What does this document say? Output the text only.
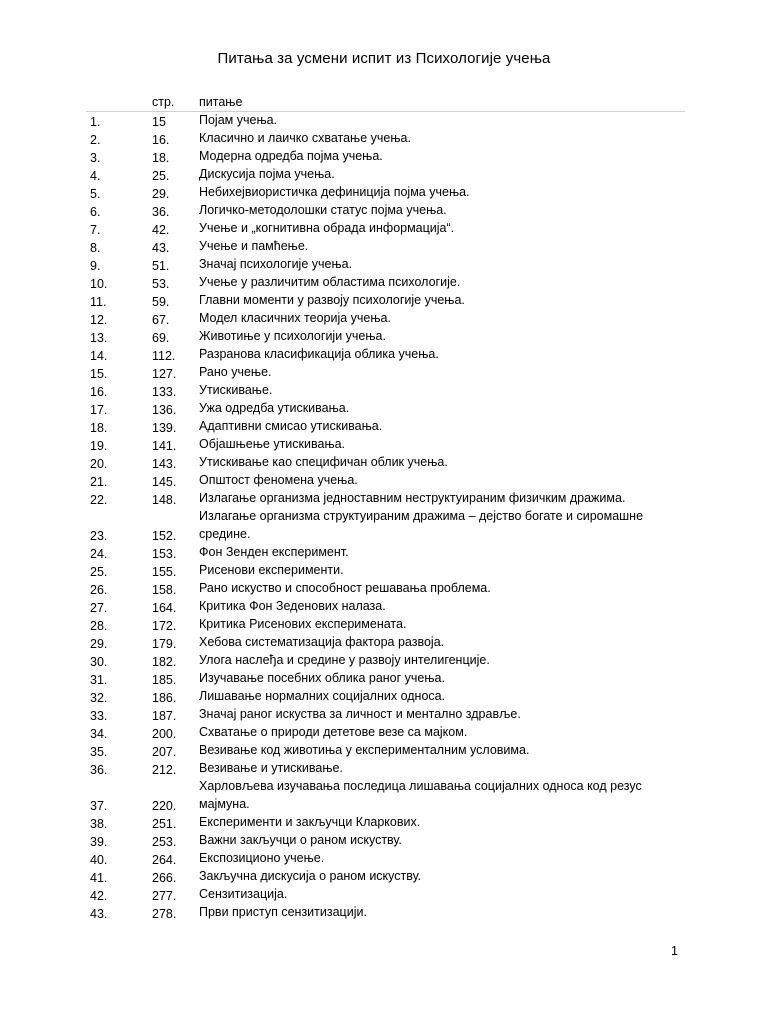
Питања за усмени испит из Психологије учења
стр. питање
1.	15	Појам учења.
2.	16. Класично и лаичко схватање учења.
3.	18. Модерна одредба појма учења.
4.	25. Дискусија појма учења.
5.	29. Небихејвиористичка дефиниција појма учења.
6.	36. Логичко-методолошки статус појма учења.
7.	42. Учење и „когнитивна обрада информација“.
8.	43. Учење и памћење.
9.	51. Значај психологије учења.
10.	53. Учење у различитим областима психологије.
11.	59. Главни моменти у развоју психологије учења.
12.	67. Модел класичних теорија учења.
13.	69. Животиње у психологији учења.
14.	112. Разранова класификација облика учења.
15.	127. Рано учење.
16.	133. Утискивање.
17.	136. Ужа одредба утискивања.
18.	139. Адаптивни смисао утискивања.
19.	141. Објашњење утискивања.
20.	143. Утискивање као специфичан облик учења.
21.	145. Општост феномена учења.
22.	148. Излагање организма једноставним неструктуираним физичким дражима.
23.	152.
Излагање организма структуираним дражима – дејство богате и сиромашне средине.
24.	153. Фон Зенден експеримент.
25.	155. Рисенови експерименти.
26.	158. Рано искуство и способност решавања проблема.
27.	164. Критика Фон Зеденових налаза.
28.	172. Критика Рисенових експеримената.
29.	179. Хебова систематизација фактора развоја.
30.	182. Улога наслеђа и средине у развоју интелигенције.
31.	185. Изучавање посебних облика раног учења.
32.	186. Лишавање нормалних социјалних односа.
33.	187. Значај раног искуства за личност и ментално здравље.
34.	200. Схватање о природи дететове везе са мајком.
35.	207. Везивање код животиња у експерименталним условима.
36.	212. Везивање и утискивање.
37.	220.
Харловљева изучавања последица лишавања социјалних односа код резус мајмуна.
38.	251. Експерименти и закључци Кларкових.
39.	253. Важни закључци о раном искуству.
40.	264. Експозиционо учење.
41.	266. Закључна дискусија о раном искуству.
42.	277. Сензитизација.
43.	278. Први приступ сензитизацији.
1
